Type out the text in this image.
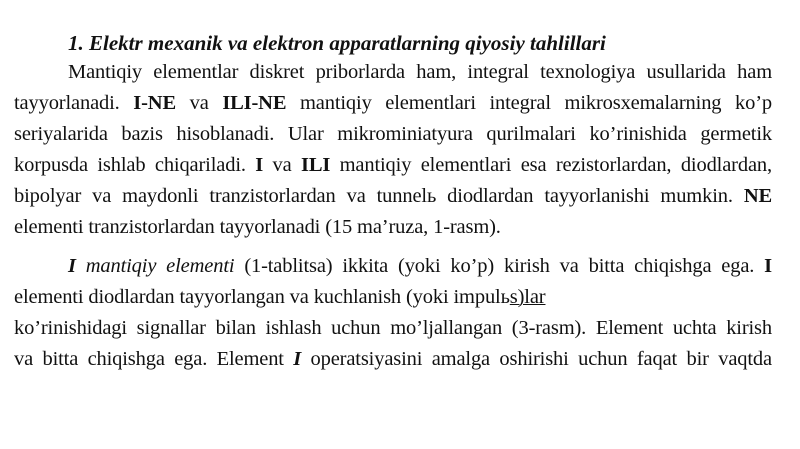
1. Elektr mexanik va elektron apparatlarning qiyosiy tahlillari
Mantiqiy elementlar diskret priborlarda ham, integral texnologiya usullarida ham
tayyorlanadi. I-NE va ILI-NE mantiqiy elementlari integral mikrosxemalarning ko’p
seriyalarida bazis hisoblanadi. Ular mikrominiatyura qurilmalari ko’rinishida germetik
korpusda ishlab chiqariladi. I va ILI mantiqiy elementlari esa rezistorlardan, diodlardan,
bipolyar va maydonli tranzistorlardan va tunnelь diodlardan tayyorlanishi mumkin. NE
elementi tranzistorlardan tayyorlanadi (15 ma’ruza, 1-rasm).
I mantiqiy elementi (1-tablitsa) ikkita (yoki ko’p) kirish va bitta chiqishga ega. I
elementi diodlardan tayyorlangan va kuchlanish (yoki impulьs)lar
ko’rinishidagi signallar bilan ishlash uchun mo’ljallangan (3-rasm). Element uchta kirish
va bitta chiqishga ega. Element I operatsiyasini amalga oshirishi uchun faqat bir vaqtda
